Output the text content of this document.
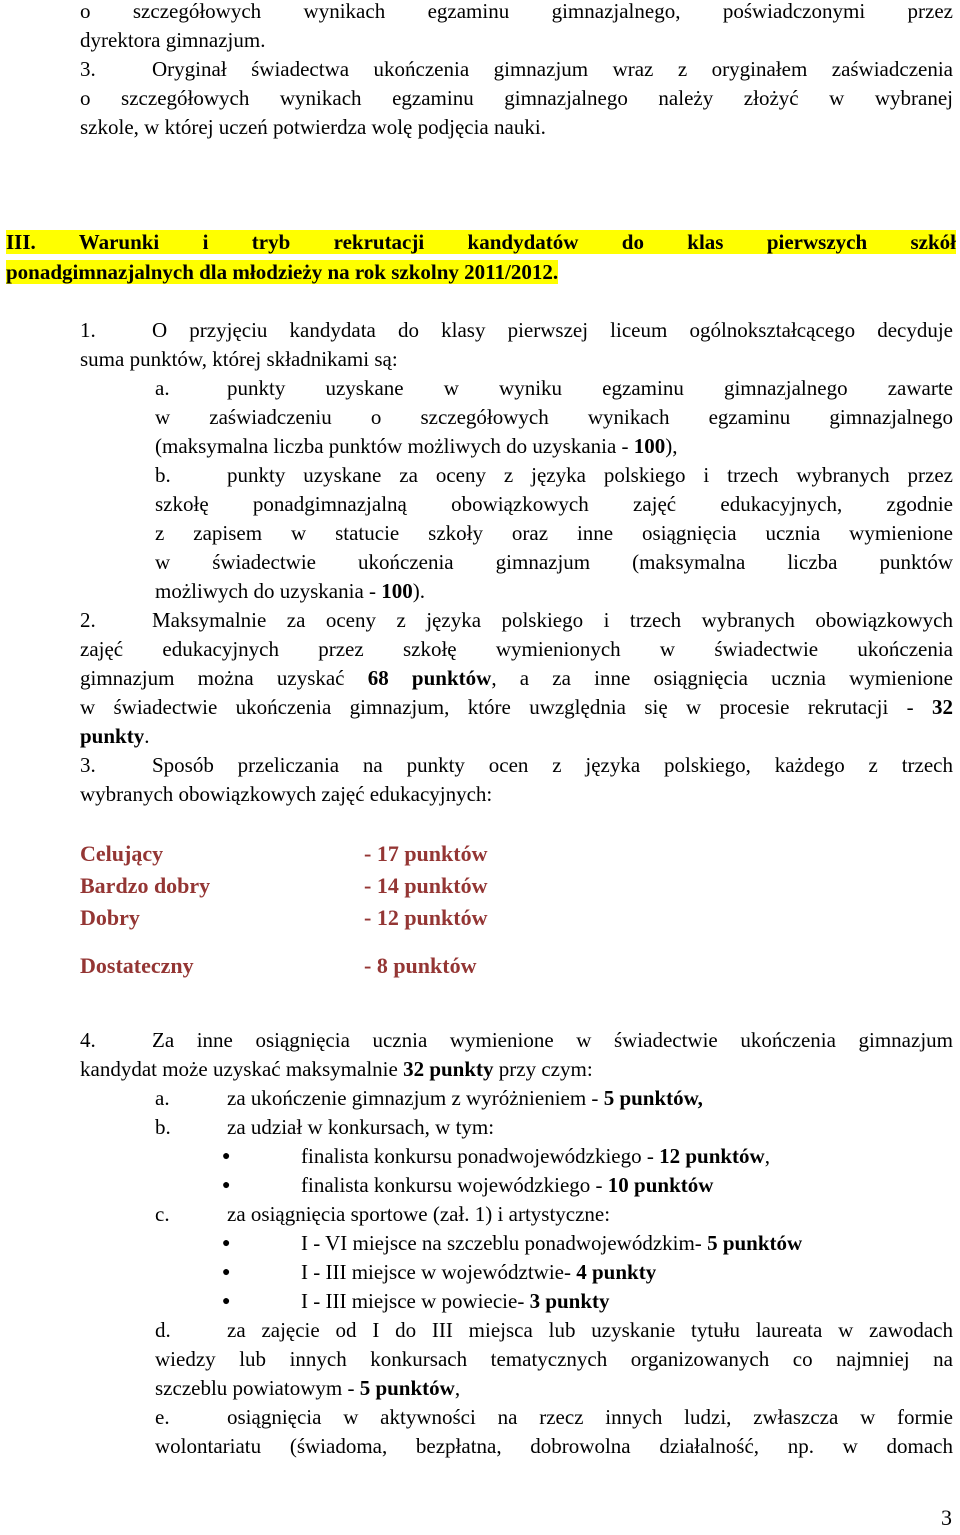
o szczegółowych wynikach egzaminu gimnazjalnego, poświadczonymi przez
dyrektora gimnazjum.
3.	Oryginał świadectwa ukończenia gimnazjum wraz z oryginałem zaświadczenia
o szczegółowych wynikach egzaminu gimnazjalnego należy złożyć w wybranej
szkole, w której uczeń potwierdza wolę podjęcia nauki.
III. Warunki i tryb rekrutacji kandydatów do klas pierwszych szkół
ponadgimnazjalnych dla młodzieży na rok szkolny 2011/2012.
1.	O przyjęciu kandydata do klasy pierwszej liceum ogólnokształcącego decyduje
suma punktów, której składnikami są:
a.	punkty uzyskane w wyniku egzaminu gimnazjalnego zawarte
w zaświadczeniu o szczegółowych wynikach egzaminu gimnazjalnego
(maksymalna liczba punktów możliwych do uzyskania - 100),
b.	punkty uzyskane za oceny z języka polskiego i trzech wybranych przez
szkołę ponadgimnazjalną obowiązkowych zajęć edukacyjnych, zgodnie
z zapisem w statucie szkoły oraz inne osiągnięcia ucznia wymienione
w świadectwie ukończenia gimnazjum (maksymalna liczba punktów
możliwych do uzyskania - 100).
2.	Maksymalnie za oceny z języka polskiego i trzech wybranych obowiązkowych
zajęć edukacyjnych przez szkołę wymienionych w świadectwie ukończenia
gimnazjum można uzyskać 68 punktów, a za inne osiągnięcia ucznia wymienione
w świadectwie ukończenia gimnazjum, które uwzględnia się w procesie rekrutacji - 32
punkty.
3.	Sposób przeliczania na punkty ocen z języka polskiego, każdego z trzech
wybranych obowiązkowych zajęć edukacyjnych:
Celujący	- 17 punktów
Bardzo dobry	- 14 punktów
Dobry	- 12 punktów
Dostateczny	- 8 punktów
4.	Za inne osiągnięcia ucznia wymienione w świadectwie ukończenia gimnazjum
kandydat może uzyskać maksymalnie 32 punkty przy czym:
a.	za ukończenie gimnazjum z wyróżnieniem - 5 punktów,
b.	za udział w konkursach, w tym:
●	finalista konkursu ponadwojewódzkiego - 12 punktów,
●	finalista konkursu wojewódzkiego - 10 punktów
c.	za osiągnięcia sportowe (zał. 1) i artystyczne:
●	I - VI miejsce na szczeblu ponadwojewódzkim- 5 punktów
●	I - III miejsce w województwie- 4 punkty
●	I - III miejsce w powiecie- 3 punkty
d.	za zajęcie od I do III miejsca lub uzyskanie tytułu laureata w zawodach
wiedzy lub innych konkursach tematycznych organizowanych co najmniej na
szczeblu powiatowym - 5 punktów,
e.	osiągnięcia w aktywności na rzecz innych ludzi, zwłaszcza w formie
wolontariatu (świadoma, bezpłatna, dobrowolna działalność, np. w domach
3
